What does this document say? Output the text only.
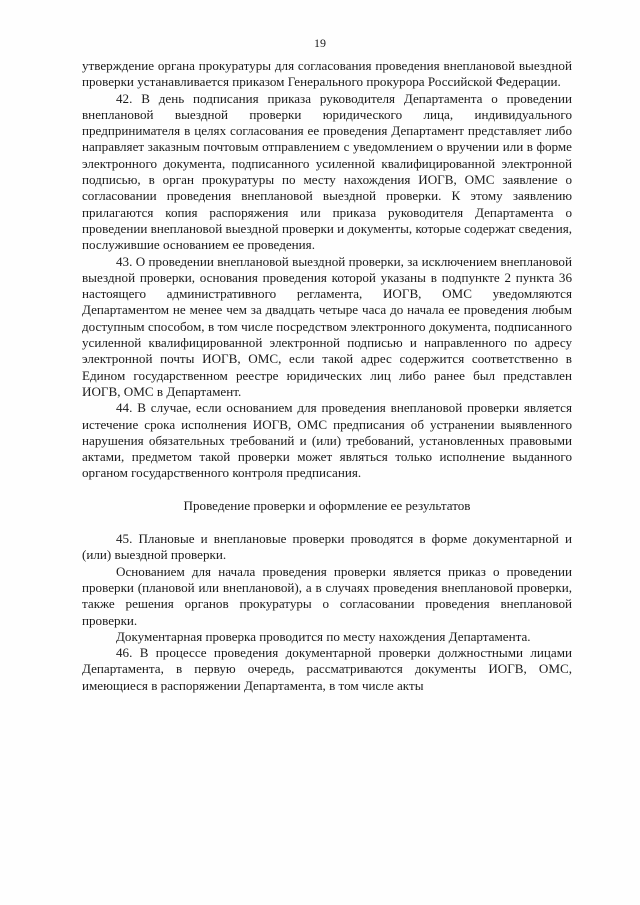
19

утверждение органа прокуратуры для согласования проведения внеплановой выездной проверки устанавливается приказом Генерального прокурора Российской Федерации.

42. В день подписания приказа руководителя Департамента о проведении внеплановой выездной проверки юридического лица, индивидуального предпринимателя в целях согласования ее проведения Департамент представляет либо направляет заказным почтовым отправлением с уведомлением о вручении или в форме электронного документа, подписанного усиленной квалифицированной электронной подписью, в орган прокуратуры по месту нахождения ИОГВ, ОМС заявление о согласовании проведения внеплановой выездной проверки. К этому заявлению прилагаются копия распоряжения или приказа руководителя Департамента о проведении внеплановой выездной проверки и документы, которые содержат сведения, послужившие основанием ее проведения.

43. О проведении внеплановой выездной проверки, за исключением внеплановой выездной проверки, основания проведения которой указаны в подпункте 2 пункта 36 настоящего административного регламента, ИОГВ, ОМС уведомляются Департаментом не менее чем за двадцать четыре часа до начала ее проведения любым доступным способом, в том числе посредством электронного документа, подписанного усиленной квалифицированной электронной подписью и направленного по адресу электронной почты ИОГВ, ОМС, если такой адрес содержится соответственно в Едином государственном реестре юридических лиц либо ранее был представлен ИОГВ, ОМС в Департамент.

44. В случае, если основанием для проведения внеплановой проверки является истечение срока исполнения ИОГВ, ОМС предписания об устранении выявленного нарушения обязательных требований и (или) требований, установленных правовыми актами, предметом такой проверки может являться только исполнение выданного органом государственного контроля предписания.

Проведение проверки и оформление ее результатов

45. Плановые и внеплановые проверки проводятся в форме документарной и (или) выездной проверки.

Основанием для начала проведения проверки является приказ о проведении проверки (плановой или внеплановой), а в случаях проведения внеплановой проверки, также решения органов прокуратуры о согласовании проведения внеплановой проверки.

Документарная проверка проводится по месту нахождения Департамента.

46. В процессе проведения документарной проверки должностными лицами Департамента, в первую очередь, рассматриваются документы ИОГВ, ОМС, имеющиеся в распоряжении Департамента, в том числе акты
